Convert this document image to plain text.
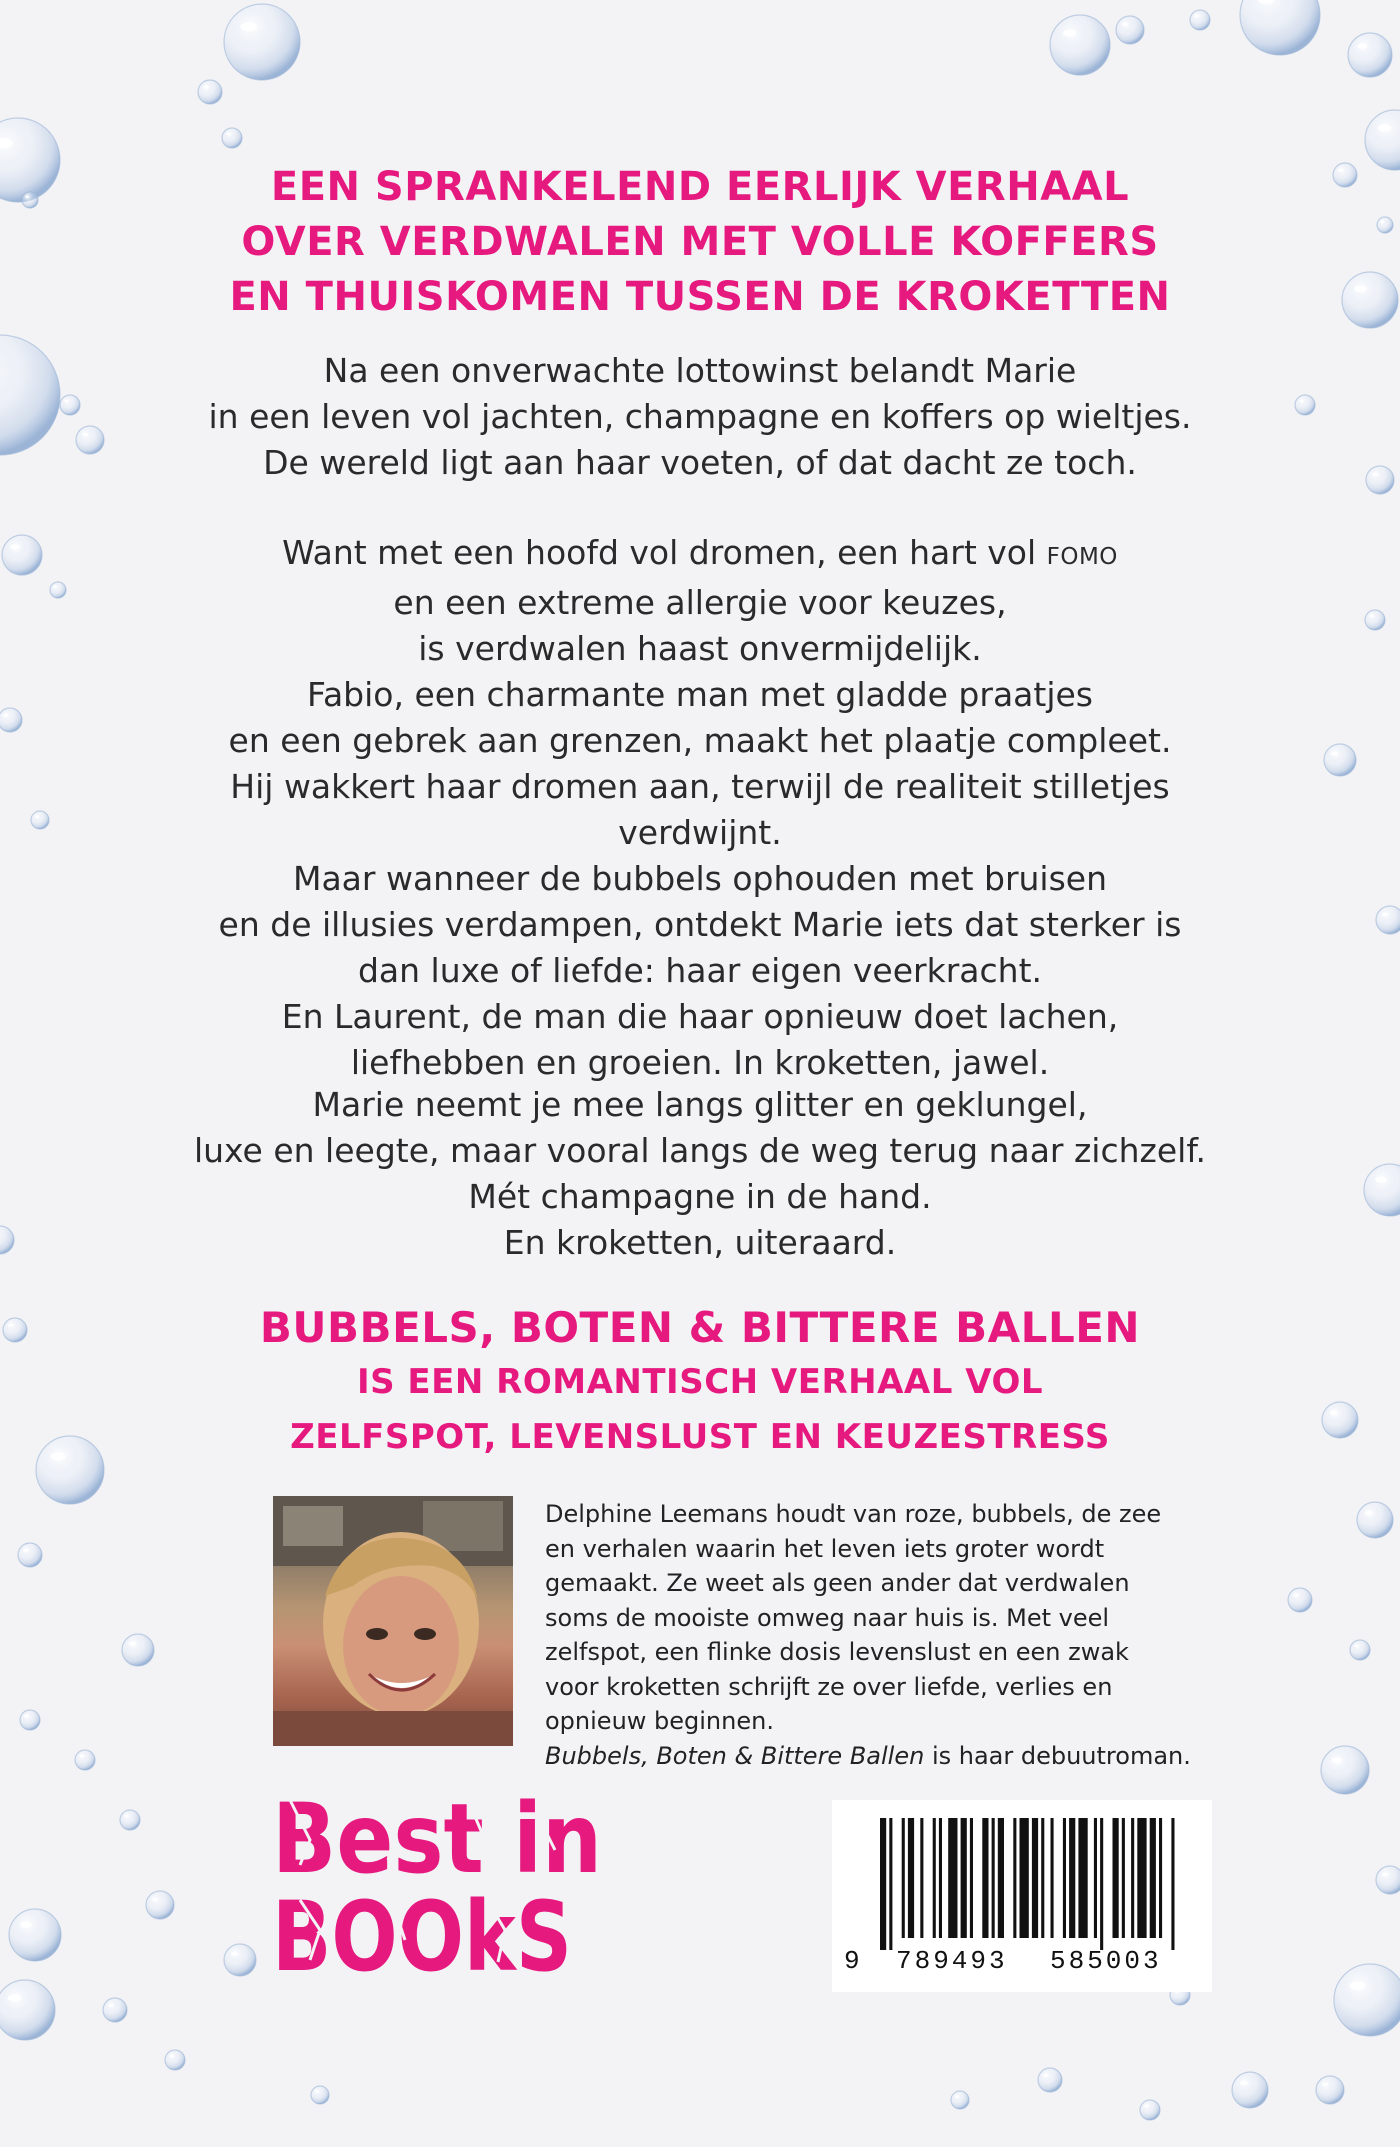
EEN SPRANKELEND EERLIJK VERHAAL
OVER VERDWALEN MET VOLLE KOFFERS
EN THUISKOMEN TUSSEN DE KROKETTEN

Na een onverwachte lottowinst belandt Marie

in een leven vol jachten, champagne en koffers op wieltjes.

De wereld ligt aan haar voeten, of dat dacht ze toch.

Want met een hoofd vol dromen, een hart vol FOMO

en een extreme allergie voor keuzes,

is verdwalen haast onvermijdelijk.

Fabio, een charmante man met gladde praatjes

en een gebrek aan grenzen, maakt het plaatje compleet.

Hij wakkert haar dromen aan, terwijl de realiteit stilletjes verdwijnt.

Maar wanneer de bubbels ophouden met bruisen

en de illusies verdampen, ontdekt Marie iets dat sterker is

dan luxe of liefde: haar eigen veerkracht.

En Laurent, de man die haar opnieuw doet lachen,

liefhebben en groeien. In kroketten, jawel.

Marie neemt je mee langs glitter en geklungel,

luxe en leegte, maar vooral langs de weg terug naar zichzelf.

Mét champagne in de hand.

En kroketten, uiteraard.

BUBBELS, BOTEN & BITTERE BALLEN
IS EEN ROMANTISCH VERHAAL VOL
ZELFSPOT, LEVENSLUST EN KEUZESTRESS

Delphine Leemans houdt van roze, bubbels, de zee

en verhalen waarin het leven iets groter wordt

gemaakt. Ze weet als geen ander dat verdwalen

soms de mooiste omweg naar huis is. Met veel

zelfspot, een flinke dosis levenslust en een zwak

voor kroketten schrijft ze over liefde, verlies en

opnieuw beginnen.

Bubbels, Boten & Bittere Ballen is haar debuutroman.

Best in
BOOkS	9 789493 585003
